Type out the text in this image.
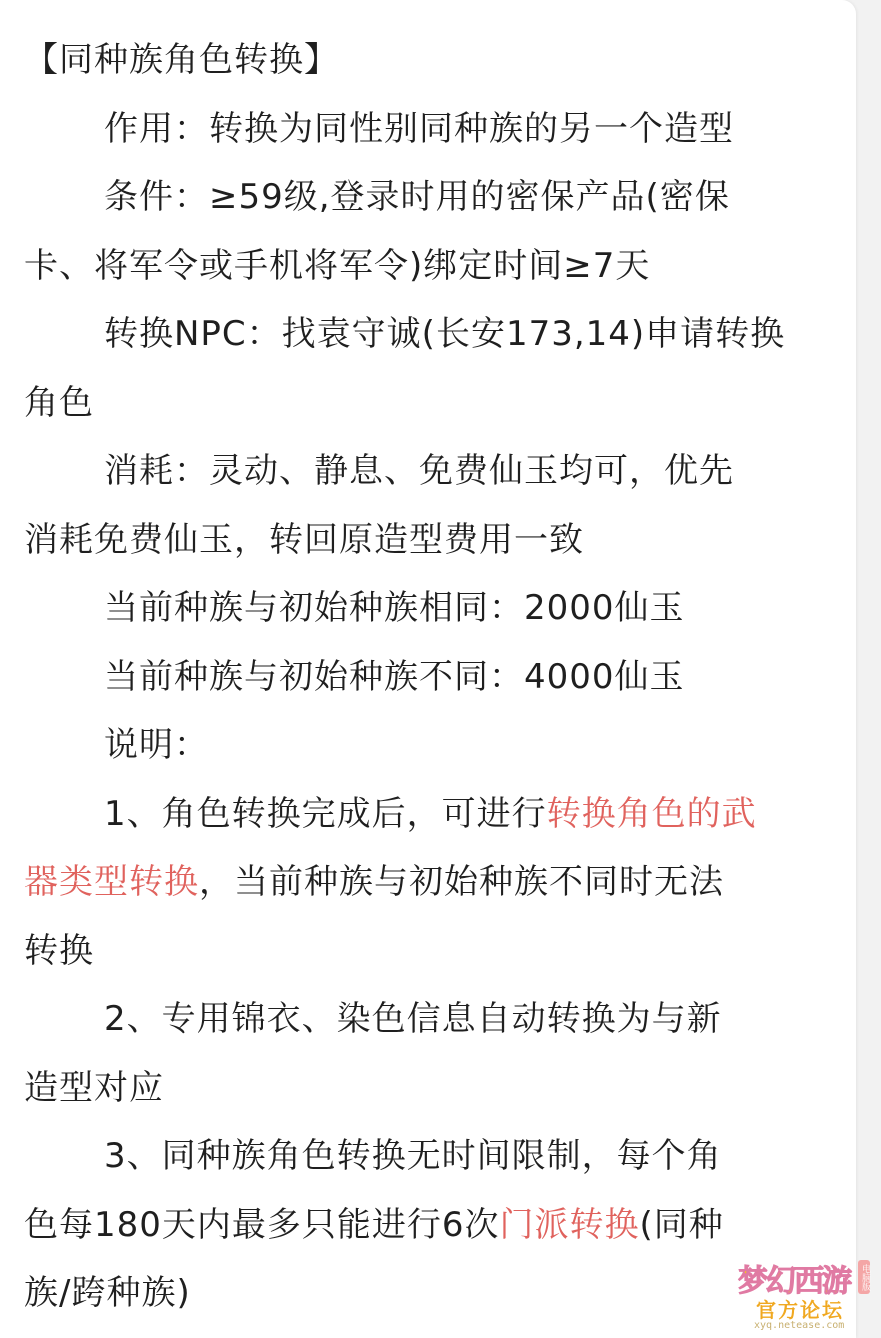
【同种族角色转换】
作用：转换为同性别同种族的另一个造型
条件：≥59级,登录时用的密保产品(密保
卡、将军令或手机将军令)绑定时间≥7天
转换NPC：找袁守诚(长安173,14)申请转换
角色
消耗：灵动、静息、免费仙玉均可，优先
消耗免费仙玉，转回原造型费用一致
当前种族与初始种族相同：2000仙玉
当前种族与初始种族不同：4000仙玉
说明：
1、角色转换完成后，可进行转换角色的武
器类型转换，当前种族与初始种族不同时无法
转换
2、专用锦衣、染色信息自动转换为与新
造型对应
3、同种族角色转换无时间限制，每个角
色每180天内最多只能进行6次门派转换(同种
族/跨种族)	梦幻西游 电脑版
官方论坛
xyq.netease.com
